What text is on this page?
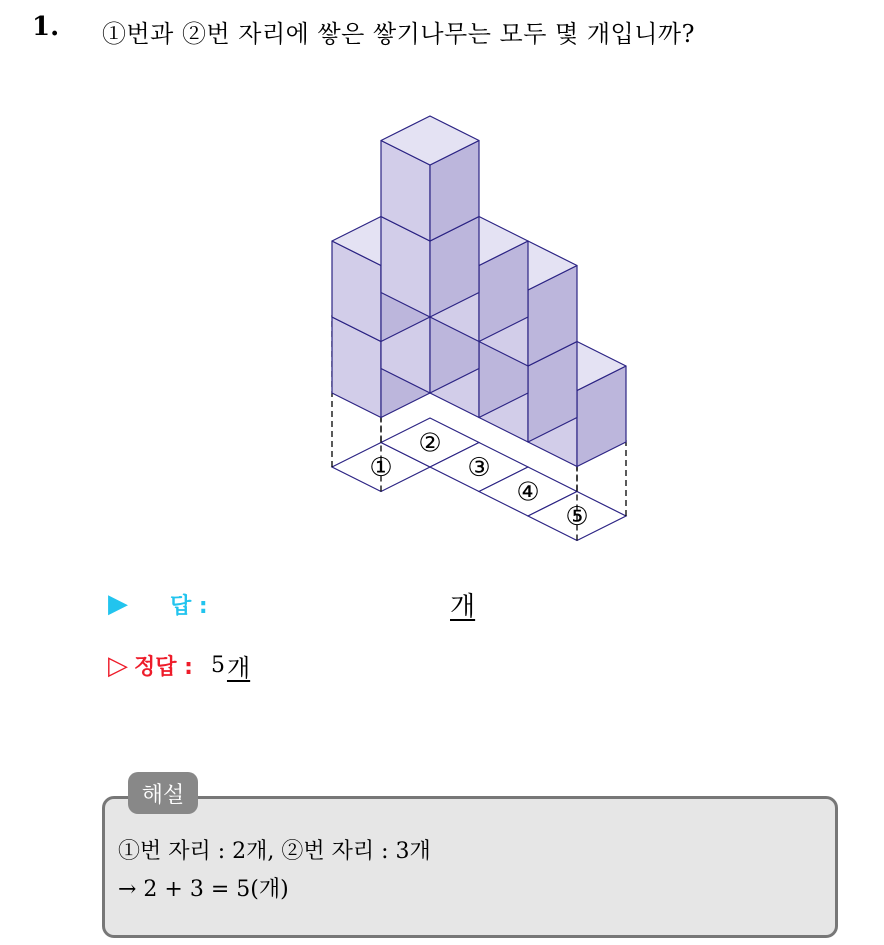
1. ①번과 ②번 자리에 쌓은 쌓기나무는 모두 몇 개입니까?
①
②
③
④
⑤
▶	답 :	개
▷ 정답 : 5 개
해설
①번 자리 : 2개, ②번 자리 : 3개
→ 2 + 3 = 5(개)
